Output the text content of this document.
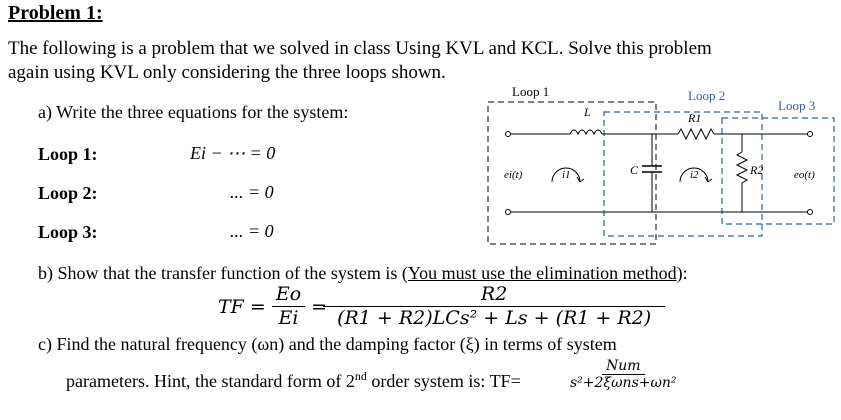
Problem 1:
The following is a problem that we solved in class Using KVL and KCL. Solve this problem
again using KVL only considering the three loops shown.
a) Write the three equations for the system:
Loop 1:	Ei − ⋯ = 0
Loop 2:	... = 0
Loop 3:	... = 0
Loop 1	Loop 2
Loop 3
L	R1
C	R2
ei(t)	eo(t)
i1	i2
b) Show that the transfer function of the system is (You must use the elimination method):
TF = $\frac{Eo}{Ei} = \frac{R2}{\text{(R1 + R2)LCs² + Ls + (R1 + R2)}}$
c) Find the natural frequency (ωn) and the damping factor (ξ) in terms of system
parameters. Hint, the standard form of 2nd order system is: TF=	$\frac{\text{Num}}{\text{s²+2ξωns+ωn²}}$
